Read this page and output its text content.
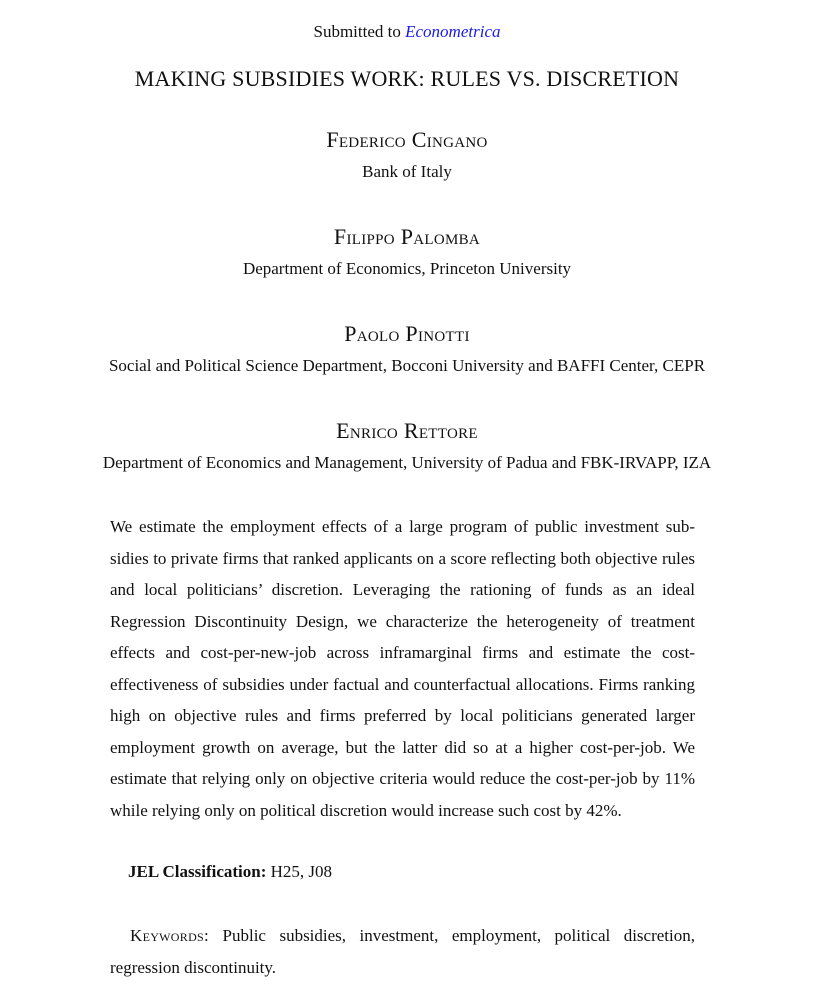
Submitted to Econometrica
MAKING SUBSIDIES WORK: RULES VS. DISCRETION
Federico Cingano
Bank of Italy
Filippo Palomba
Department of Economics, Princeton University
Paolo Pinotti
Social and Political Science Department, Bocconi University and BAFFI Center, CEPR
Enrico Rettore
Department of Economics and Management, University of Padua and FBK-IRVAPP, IZA

We estimate the employment effects of a large program of public investment subsidies to private firms that ranked applicants on a score reflecting both objective rules and local politicians’ discretion. Leveraging the rationing of funds as an ideal Regression Discontinuity Design, we characterize the heterogeneity of treatment effects and cost-per-new-job across inframarginal firms and estimate the cost-effectiveness of subsidies under factual and counterfactual allocations. Firms ranking high on objective rules and firms preferred by local politicians generated larger employment growth on average, but the latter did so at a higher cost-per-job. We estimate that relying only on objective criteria would reduce the cost-per-job by 11% while relying only on political discretion would increase such cost by 42%.

JEL Classification: H25, J08

Keywords: Public subsidies, investment, employment, political discretion, regression discontinuity.
